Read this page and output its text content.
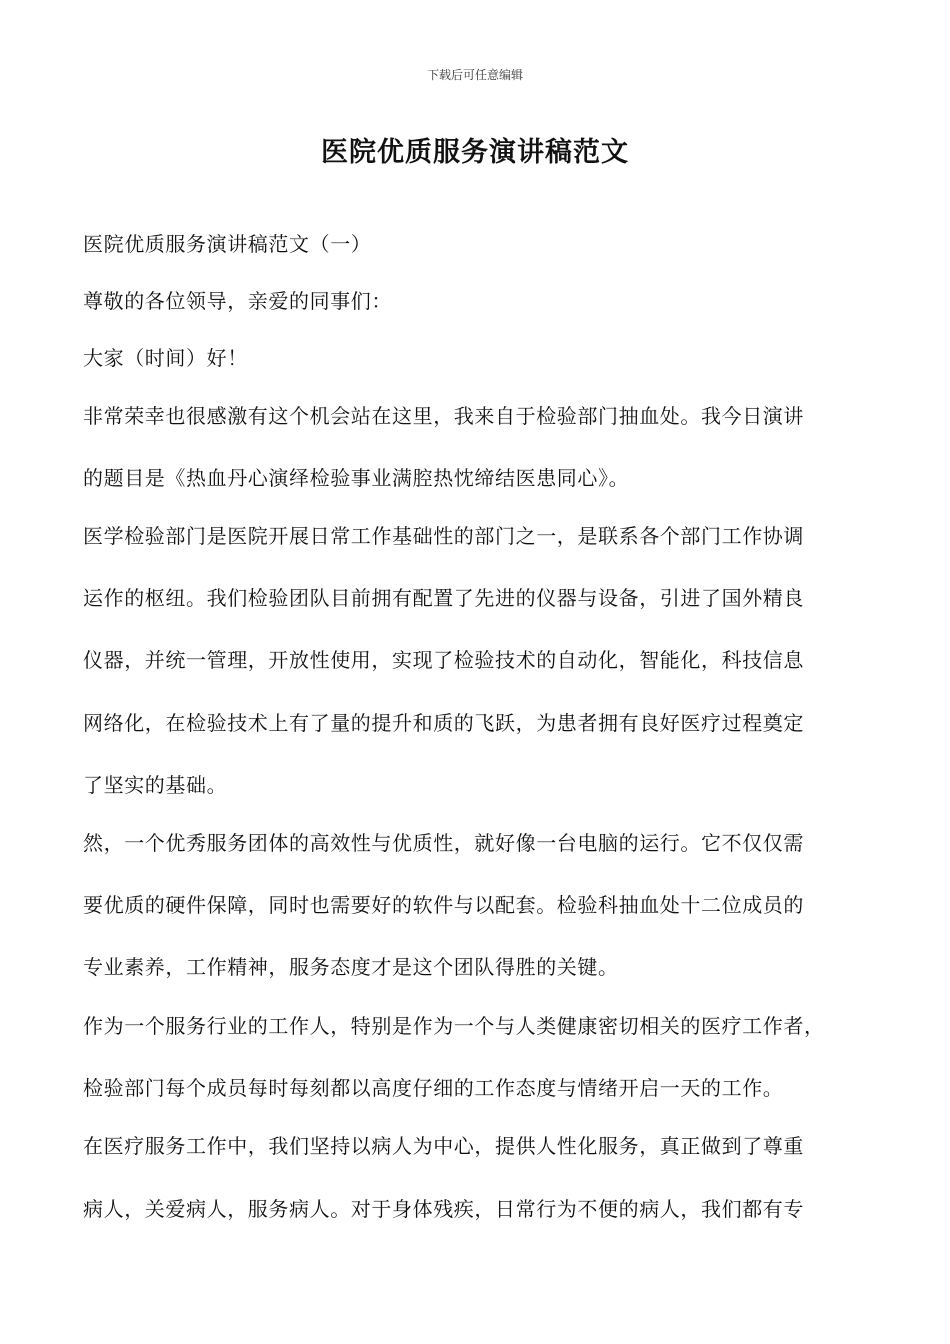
下载后可任意编辑
医院优质服务演讲稿范文
医院优质服务演讲稿范文（一）
尊敬的各位领导，亲爱的同事们：
大家（时间）好！
非常荣幸也很感激有这个机会站在这里，我来自于检验部门抽血处。我今日演讲
的题目是《热血丹心演绎检验事业满腔热忱缔结医患同心》。
医学检验部门是医院开展日常工作基础性的部门之一，是联系各个部门工作协调
运作的枢纽。我们检验团队目前拥有配置了先进的仪器与设备，引进了国外精良
仪器，并统一管理，开放性使用，实现了检验技术的自动化，智能化，科技信息
网络化，在检验技术上有了量的提升和质的飞跃，为患者拥有良好医疗过程奠定
了坚实的基础。
然，一个优秀服务团体的高效性与优质性，就好像一台电脑的运行。它不仅仅需
要优质的硬件保障，同时也需要好的软件与以配套。检验科抽血处十二位成员的
专业素养，工作精神，服务态度才是这个团队得胜的关键。
作为一个服务行业的工作人，特别是作为一个与人类健康密切相关的医疗工作者，
检验部门每个成员每时每刻都以高度仔细的工作态度与情绪开启一天的工作。
在医疗服务工作中，我们坚持以病人为中心，提供人性化服务，真正做到了尊重
病人，关爱病人，服务病人。对于身体残疾，日常行为不便的病人，我们都有专
